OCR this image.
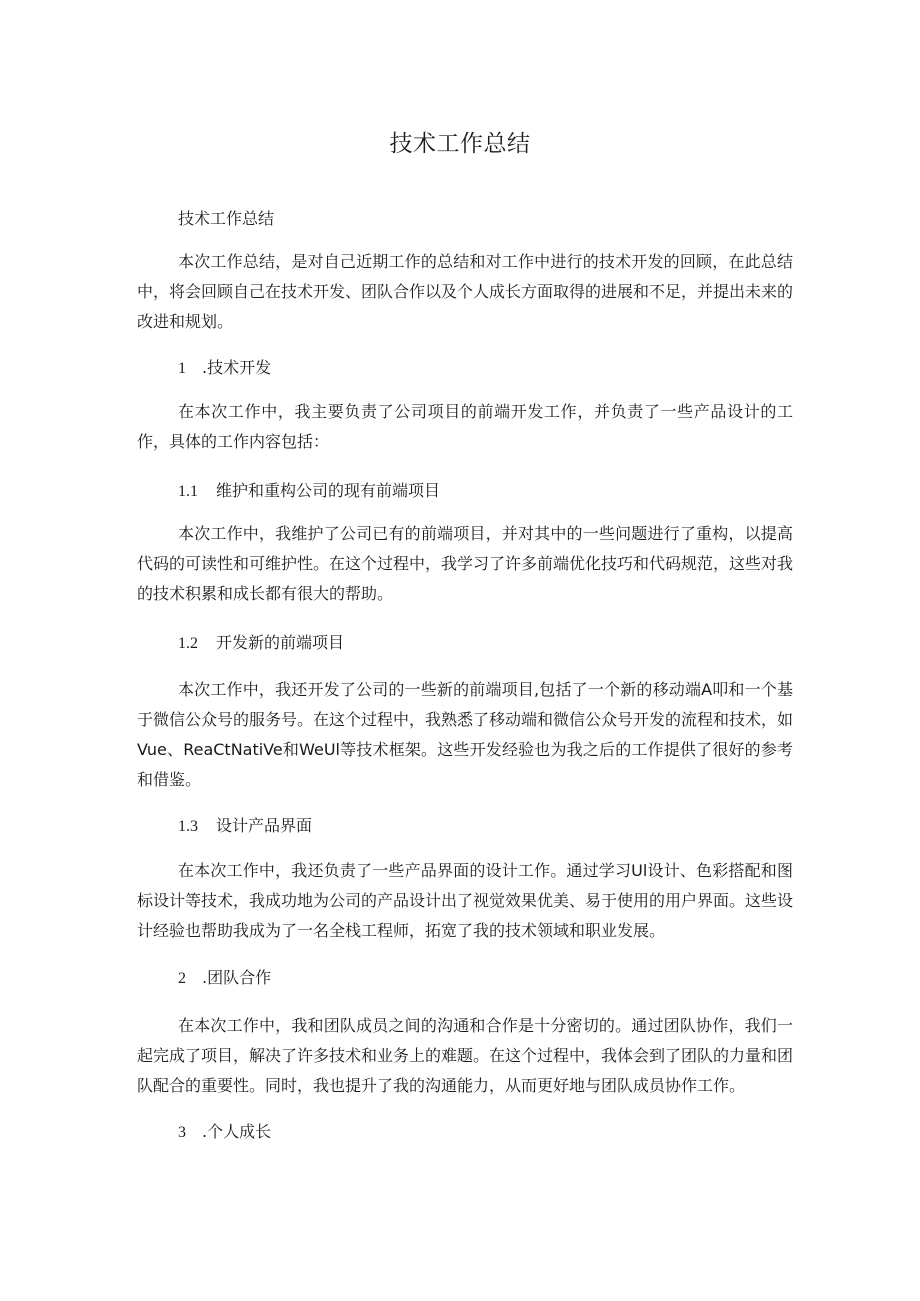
技术工作总结
技术工作总结

本次工作总结，是对自己近期工作的总结和对工作中进行的技术开发的回顾，在此总结中，将会回顾自己在技术开发、团队合作以及个人成长方面取得的进展和不足，并提出未来的改进和规划。

1 .技术开发

在本次工作中，我主要负责了公司项目的前端开发工作，并负责了一些产品设计的工作，具体的工作内容包括：

1.1 维护和重构公司的现有前端项目

本次工作中，我维护了公司已有的前端项目，并对其中的一些问题进行了重构，以提高代码的可读性和可维护性。在这个过程中，我学习了许多前端优化技巧和代码规范，这些对我的技术积累和成长都有很大的帮助。

1.2 开发新的前端项目

本次工作中，我还开发了公司的一些新的前端项目,包括了一个新的移动端A叩和一个基于微信公众号的服务号。在这个过程中，我熟悉了移动端和微信公众号开发的流程和技术，如Vue、ReaCtNatiVe和WeUl等技术框架。这些开发经验也为我之后的工作提供了很好的参考和借鉴。

1.3 设计产品界面

在本次工作中，我还负责了一些产品界面的设计工作。通过学习Ul设计、色彩搭配和图标设计等技术，我成功地为公司的产品设计出了视觉效果优美、易于使用的用户界面。这些设计经验也帮助我成为了一名全栈工程师，拓宽了我的技术领域和职业发展。

2 .团队合作

在本次工作中，我和团队成员之间的沟通和合作是十分密切的。通过团队协作，我们一起完成了项目，解决了许多技术和业务上的难题。在这个过程中，我体会到了团队的力量和团队配合的重要性。同时，我也提升了我的沟通能力，从而更好地与团队成员协作工作。

3 .个人成长
